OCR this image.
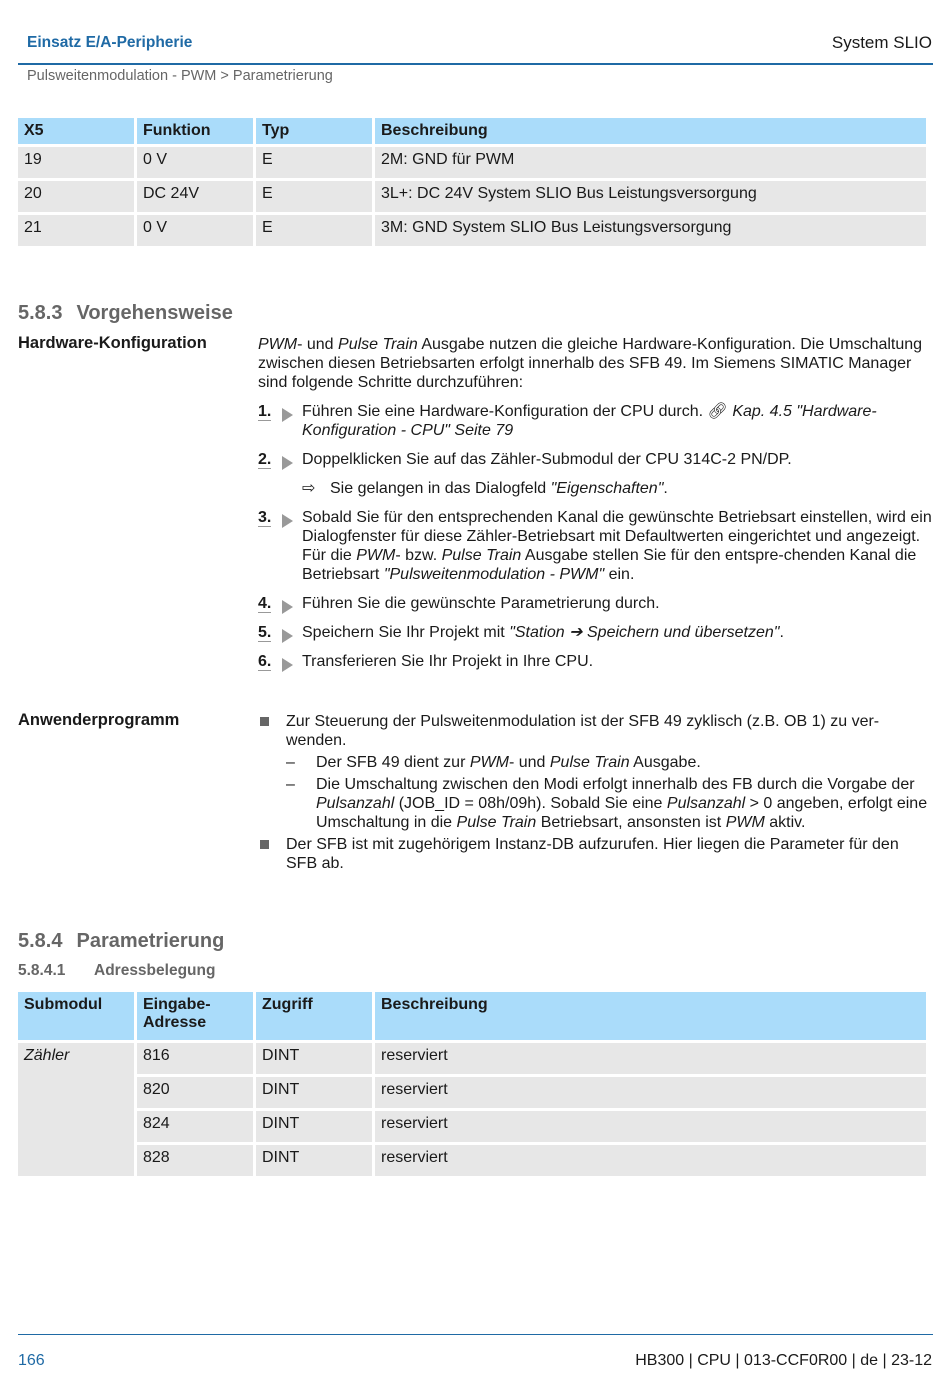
Einsatz E/A-Peripherie	System SLIO
Pulsweitenmodulation - PWM > Parametrierung
X5	Funktion	Typ	Beschreibung
19	0 V	E	2M: GND für PWM
20	DC 24V	E	3L+: DC 24V System SLIO Bus Leistungsversorgung
21	0 V	E	3M: GND System SLIO Bus Leistungsversorgung
5.8.3 Vorgehensweise
Hardware-Konfiguration	PWM- und Pulse Train Ausgabe nutzen die gleiche Hardware-Konfiguration. Die Umschaltung zwischen diesen Betriebsarten erfolgt innerhalb des SFB 49. Im Siemens SIMATIC Manager sind folgende Schritte durchzuführen:

1. Führen Sie eine Hardware-Konfiguration der CPU durch. 🔗︎ Kap. 4.5 "Hardware-Konfiguration - CPU" Seite 79
2. Doppelklicken Sie auf das Zähler-Submodul der CPU 314C-2 PN/DP.
⇨ Sie gelangen in das Dialogfeld "Eigenschaften".
3. Sobald Sie für den entsprechenden Kanal die gewünschte Betriebsart einstellen, wird ein Dialogfenster für diese Zähler-Betriebsart mit Defaultwerten eingerichtet und angezeigt. Für die PWM- bzw. Pulse Train Ausgabe stellen Sie für den entspre-chenden Kanal die Betriebsart "Pulsweitenmodulation - PWM" ein.
4. Führen Sie die gewünschte Parametrierung durch.
5. Speichern Sie Ihr Projekt mit "Station ➔ Speichern und übersetzen".
6. Transferieren Sie Ihr Projekt in Ihre CPU.
Anwenderprogramm	Zur Steuerung der Pulsweitenmodulation ist der SFB 49 zyklisch (z.B. OB 1) zu ver-wenden.
– Der SFB 49 dient zur PWM- und Pulse Train Ausgabe.
– Die Umschaltung zwischen den Modi erfolgt innerhalb des FB durch die Vorgabe der Pulsanzahl (JOB_ID = 08h/09h). Sobald Sie eine Pulsanzahl > 0 angeben, erfolgt eine Umschaltung in die Pulse Train Betriebsart, ansonsten ist PWM aktiv.
Der SFB ist mit zugehörigem Instanz-DB aufzurufen. Hier liegen die Parameter für den SFB ab.
5.8.4 Parametrierung
5.8.4.1 Adressbelegung
Submodul	Eingabe-
Adresse	Zugriff	Beschreibung
Zähler	816	DINT	reserviert
	820	DINT	reserviert
	824	DINT	reserviert
	828	DINT	reserviert
166	HB300 | CPU | 013-CCF0R00 | de | 23-12
